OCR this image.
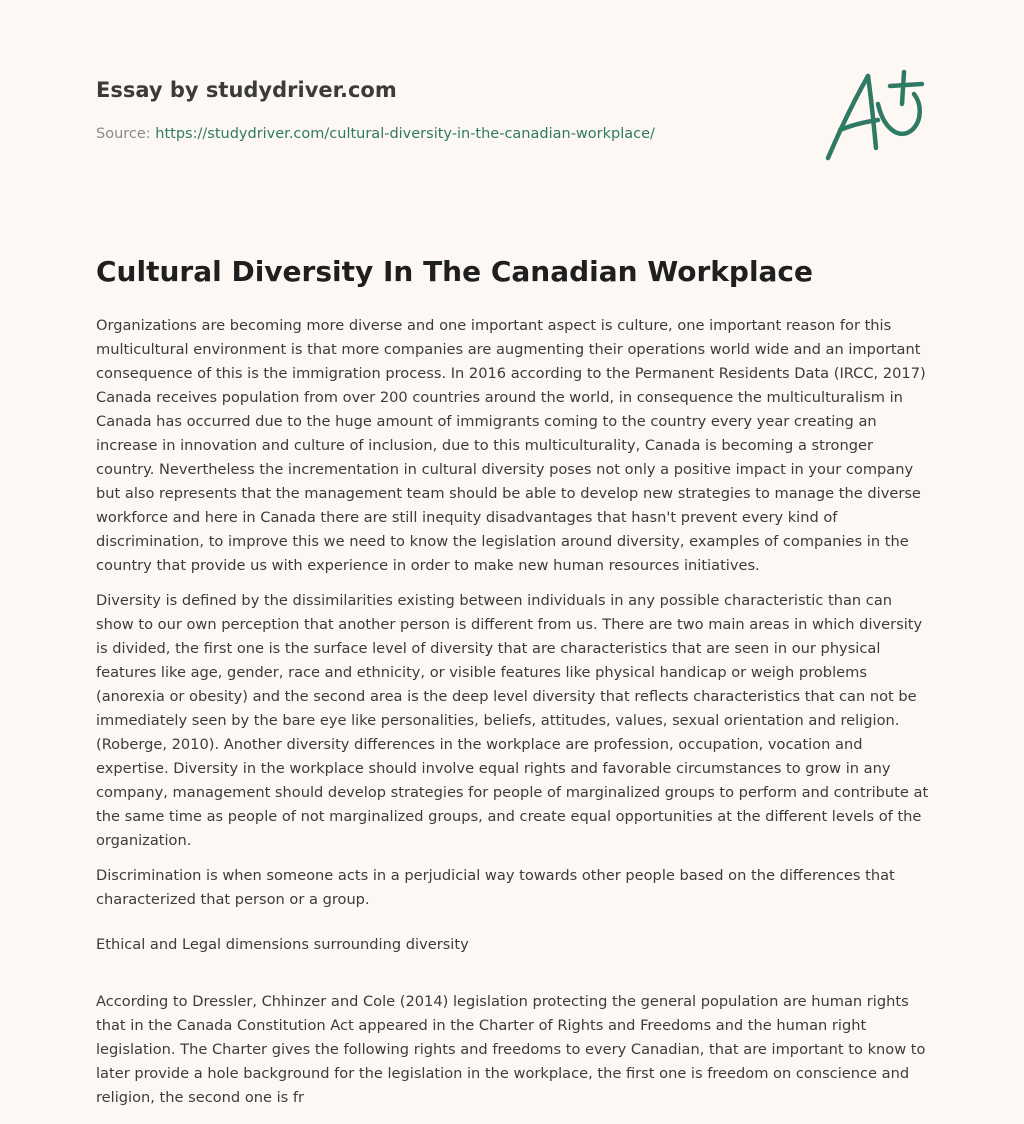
Essay by studydriver.com
Source: https://studydriver.com/cultural-diversity-in-the-canadian-workplace/
Cultural Diversity In The Canadian Workplace

Organizations are becoming more diverse and one important aspect is culture, one important reason for this multicultural environment is that more companies are augmenting their operations world wide and an important consequence of this is the immigration process. In 2016 according to the Permanent Residents Data (IRCC, 2017) Canada receives population from over 200 countries around the world, in consequence the multiculturalism in Canada has occurred due to the huge amount of immigrants coming to the country every year creating an increase in innovation and culture of inclusion, due to this multiculturality, Canada is becoming a stronger country. Nevertheless the incrementation in cultural diversity poses not only a positive impact in your company but also represents that the management team should be able to develop new strategies to manage the diverse workforce and here in Canada there are still inequity disadvantages that hasn't prevent every kind of discrimination, to improve this we need to know the legislation around diversity, examples of companies in the country that provide us with experience in order to make new human resources initiatives.

Diversity is defined by the dissimilarities existing between individuals in any possible characteristic than can show to our own perception that another person is different from us. There are two main areas in which diversity is divided, the first one is the surface level of diversity that are characteristics that are seen in our physical features like age, gender, race and ethnicity, or visible features like physical handicap or weigh problems (anorexia or obesity) and the second area is the deep level diversity that reflects characteristics that can not be immediately seen by the bare eye like personalities, beliefs, attitudes, values, sexual orientation and religion. (Roberge, 2010). Another diversity differences in the workplace are profession, occupation, vocation and expertise. Diversity in the workplace should involve equal rights and favorable circumstances to grow in any company, management should develop strategies for people of marginalized groups to perform and contribute at the same time as people of not marginalized groups, and create equal opportunities at the different levels of the organization.

Discrimination is when someone acts in a perjudicial way towards other people based on the differences that characterized that person or a group.

Ethical and Legal dimensions surrounding diversity

According to Dressler, Chhinzer and Cole (2014) legislation protecting the general population are human rights that in the Canada Constitution Act appeared in the Charter of Rights and Freedoms and the human right legislation. The Charter gives the following rights and freedoms to every Canadian, that are important to know to later provide a hole background for the legislation in the workplace, the first one is freedom on conscience and religion, the second one is fr
